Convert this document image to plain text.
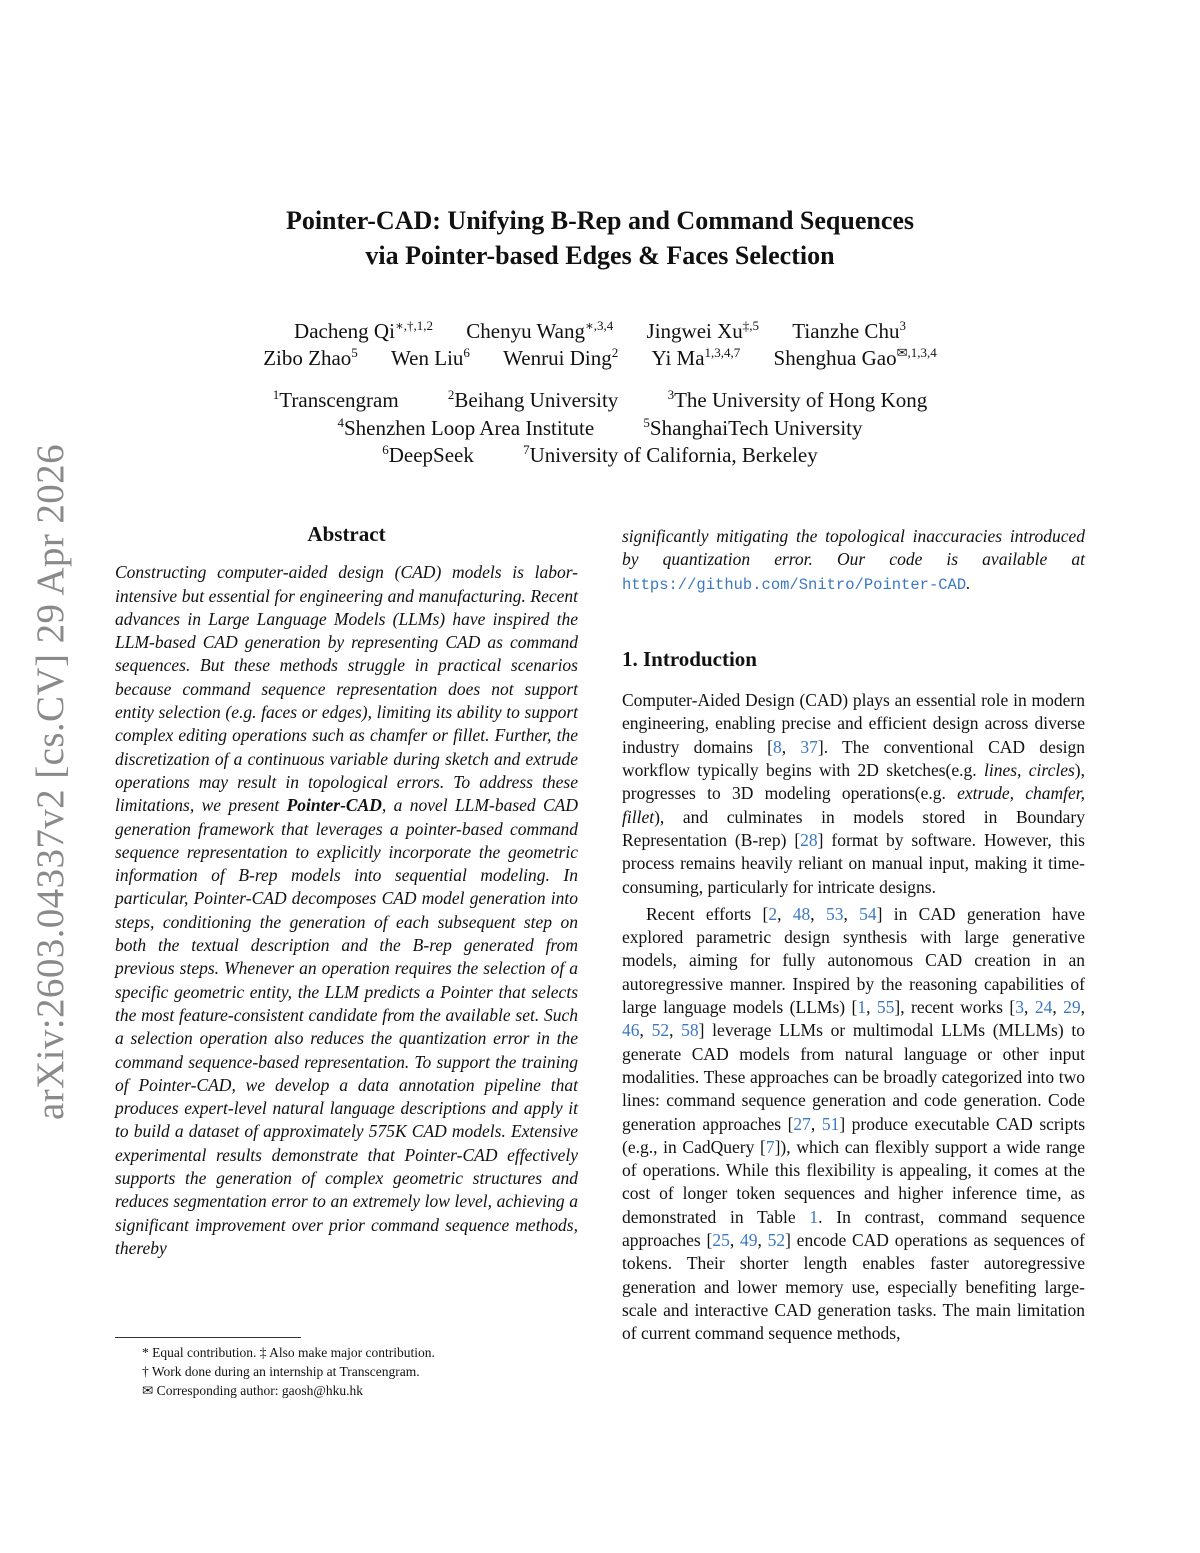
arXiv:2603.04337v2 [cs.CV] 29 Apr 2026
Pointer-CAD: Unifying B-Rep and Command Sequences
via Pointer-based Edges & Faces Selection
Dacheng $Qi^{∗,\dagger,1,2}$ Chenyu Wang$^{∗,3,4}$ Jingwei $Xu^{\ddagger,5}$ Tianzhe Chu$^3$
Zibo Zhao$^5$ Wen Liu$^6$ Wenrui Ding$^2$ Yi Ma$^{1,3,4,7}$ Shenghua Gao$^{✉,1,3,4}$
$^1$Transcengram	$^2$Beihang University	$^3$The University of Hong Kong
$^4$Shenzhen Loop Area Institute	$^5$ShanghaiTech University
$^6$DeepSeek	$^7$University of California, Berkeley
Abstract

Constructing computer-aided design (CAD) models is labor-intensive but essential for engineering and manufacturing. Recent advances in Large Language Models (LLMs) have inspired the LLM-based CAD generation by representing CAD as command sequences. But these methods struggle in practical scenarios because command sequence representation does not support entity selection (e.g. faces or edges), limiting its ability to support complex editing operations such as chamfer or fillet. Further, the discretization of a continuous variable during sketch and extrude operations may result in topological errors. To address these limitations, we present Pointer-CAD, a novel LLM-based CAD generation framework that leverages a pointer-based command sequence representation to explicitly incorporate the geometric information of B-rep models into sequential modeling. In particular, Pointer-CAD decomposes CAD model generation into steps, conditioning the generation of each subsequent step on both the textual description and the B-rep generated from previous steps. Whenever an operation requires the selection of a specific geometric entity, the LLM predicts a Pointer that selects the most feature-consistent candidate from the available set. Such a selection operation also reduces the quantization error in the command sequence-based representation. To support the training of Pointer-CAD, we develop a data annotation pipeline that produces expert-level natural language descriptions and apply it to build a dataset of approximately 575K CAD models. Extensive experimental results demonstrate that Pointer-CAD effectively supports the generation of complex geometric structures and reduces segmentation error to an extremely low level, achieving a significant improvement over prior command sequence methods, thereby

significantly mitigating the topological inaccuracies introduced by quantization error. Our code is available at https://github.com/Snitro/Pointer-CAD.

1. Introduction

Computer-Aided Design (CAD) plays an essential role in modern engineering, enabling precise and efficient design across diverse industry domains [8, 37]. The conventional CAD design workflow typically begins with 2D sketches(e.g. lines, circles), progresses to 3D modeling operations(e.g. extrude, chamfer, fillet), and culminates in models stored in Boundary Representation (B-rep) [28] format by software. However, this process remains heavily reliant on manual input, making it time-consuming, particularly for intricate designs.

Recent efforts [2, 48, 53, 54] in CAD generation have explored parametric design synthesis with large generative models, aiming for fully autonomous CAD creation in an autoregressive manner. Inspired by the reasoning capabilities of large language models (LLMs) [1, 55], recent works [3, 24, 29, 46, 52, 58] leverage LLMs or multimodal LLMs (MLLMs) to generate CAD models from natural language or other input modalities. These approaches can be broadly categorized into two lines: command sequence generation and code generation. Code generation approaches [27, 51] produce executable CAD scripts (e.g., in CadQuery [7]), which can flexibly support a wide range of operations. While this flexibility is appealing, it comes at the cost of longer token sequences and higher inference time, as demonstrated in Table 1. In contrast, command sequence approaches [25, 49, 52] encode CAD operations as sequences of tokens. Their shorter length enables faster autoregressive generation and lower memory use, especially benefiting large-scale and interactive CAD generation tasks. The main limitation of current command sequence methods,

* Equal contribution. ‡ Also make major contribution.
† Work done during an internship at Transcengram.
✉ Corresponding author: gaosh@hku.hk
